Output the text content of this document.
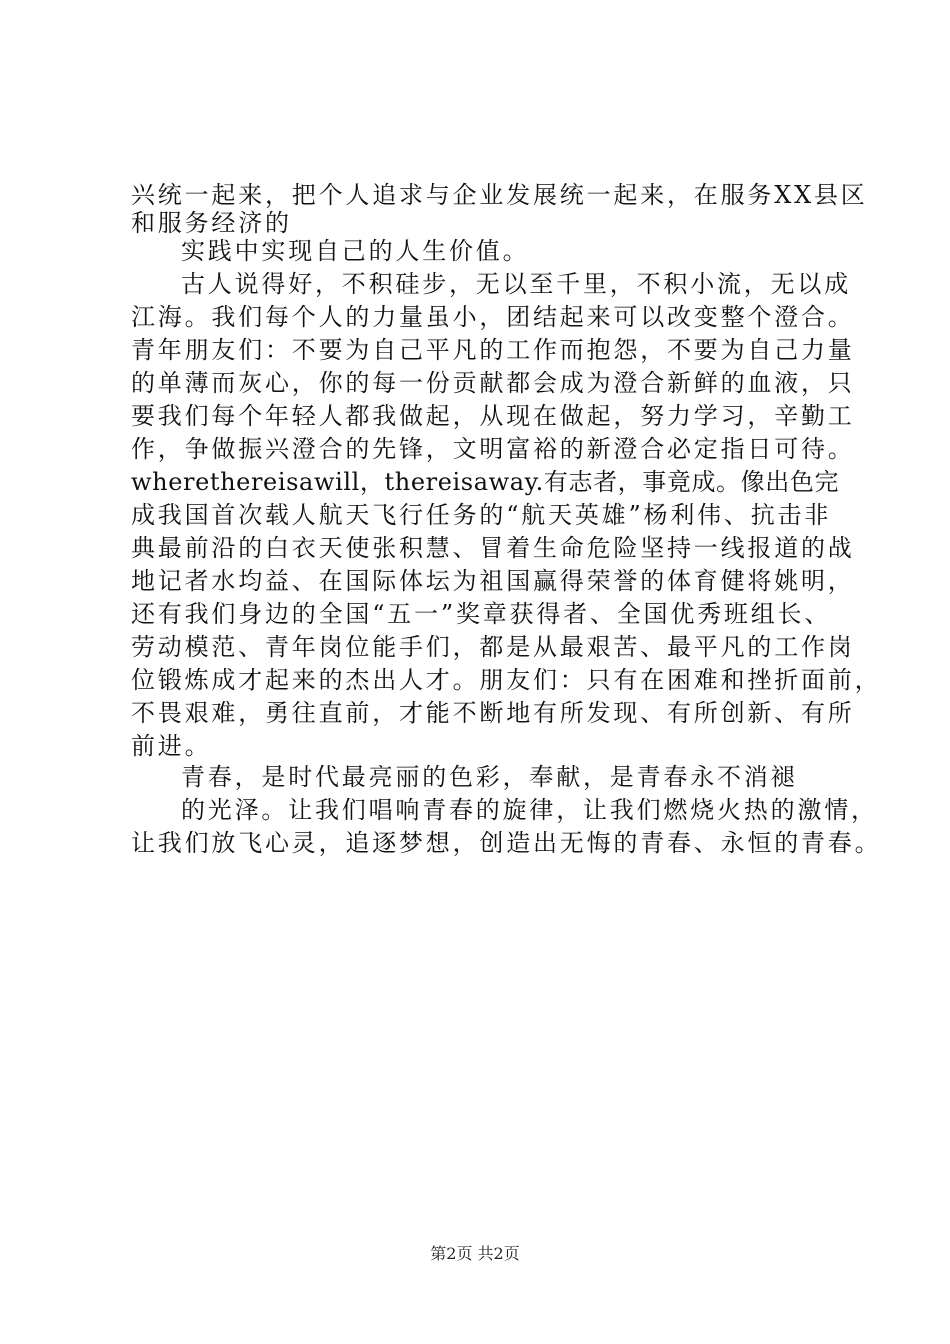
兴统一起来，把个人追求与企业发展统一起来，在服务XX县区
和服务经济的
实践中实现自己的人生价值。
古人说得好，不积硅步，无以至千里，不积小流，无以成
江海。我们每个人的力量虽小，团结起来可以改变整个澄合。
青年朋友们：不要为自己平凡的工作而抱怨，不要为自己力量
的单薄而灰心，你的每一份贡献都会成为澄合新鲜的血液，只
要我们每个年轻人都我做起，从现在做起，努力学习，辛勤工
作，争做振兴澄合的先锋，文明富裕的新澄合必定指日可待。
wherethereisawill，thereisaway.有志者，事竟成。像出色完
成我国首次载人航天飞行任务的“航天英雄”杨利伟、抗击非
典最前沿的白衣天使张积慧、冒着生命危险坚持一线报道的战
地记者水均益、在国际体坛为祖国赢得荣誉的体育健将姚明，
还有我们身边的全国“五一”奖章获得者、全国优秀班组长、
劳动模范、青年岗位能手们，都是从最艰苦、最平凡的工作岗
位锻炼成才起来的杰出人才。朋友们：只有在困难和挫折面前，
不畏艰难，勇往直前，才能不断地有所发现、有所创新、有所
前进。
青春，是时代最亮丽的色彩，奉献，是青春永不消褪
的光泽。让我们唱响青春的旋律，让我们燃烧火热的激情，
让我们放飞心灵，追逐梦想，创造出无悔的青春、永恒的青春。
第2页 共2页
